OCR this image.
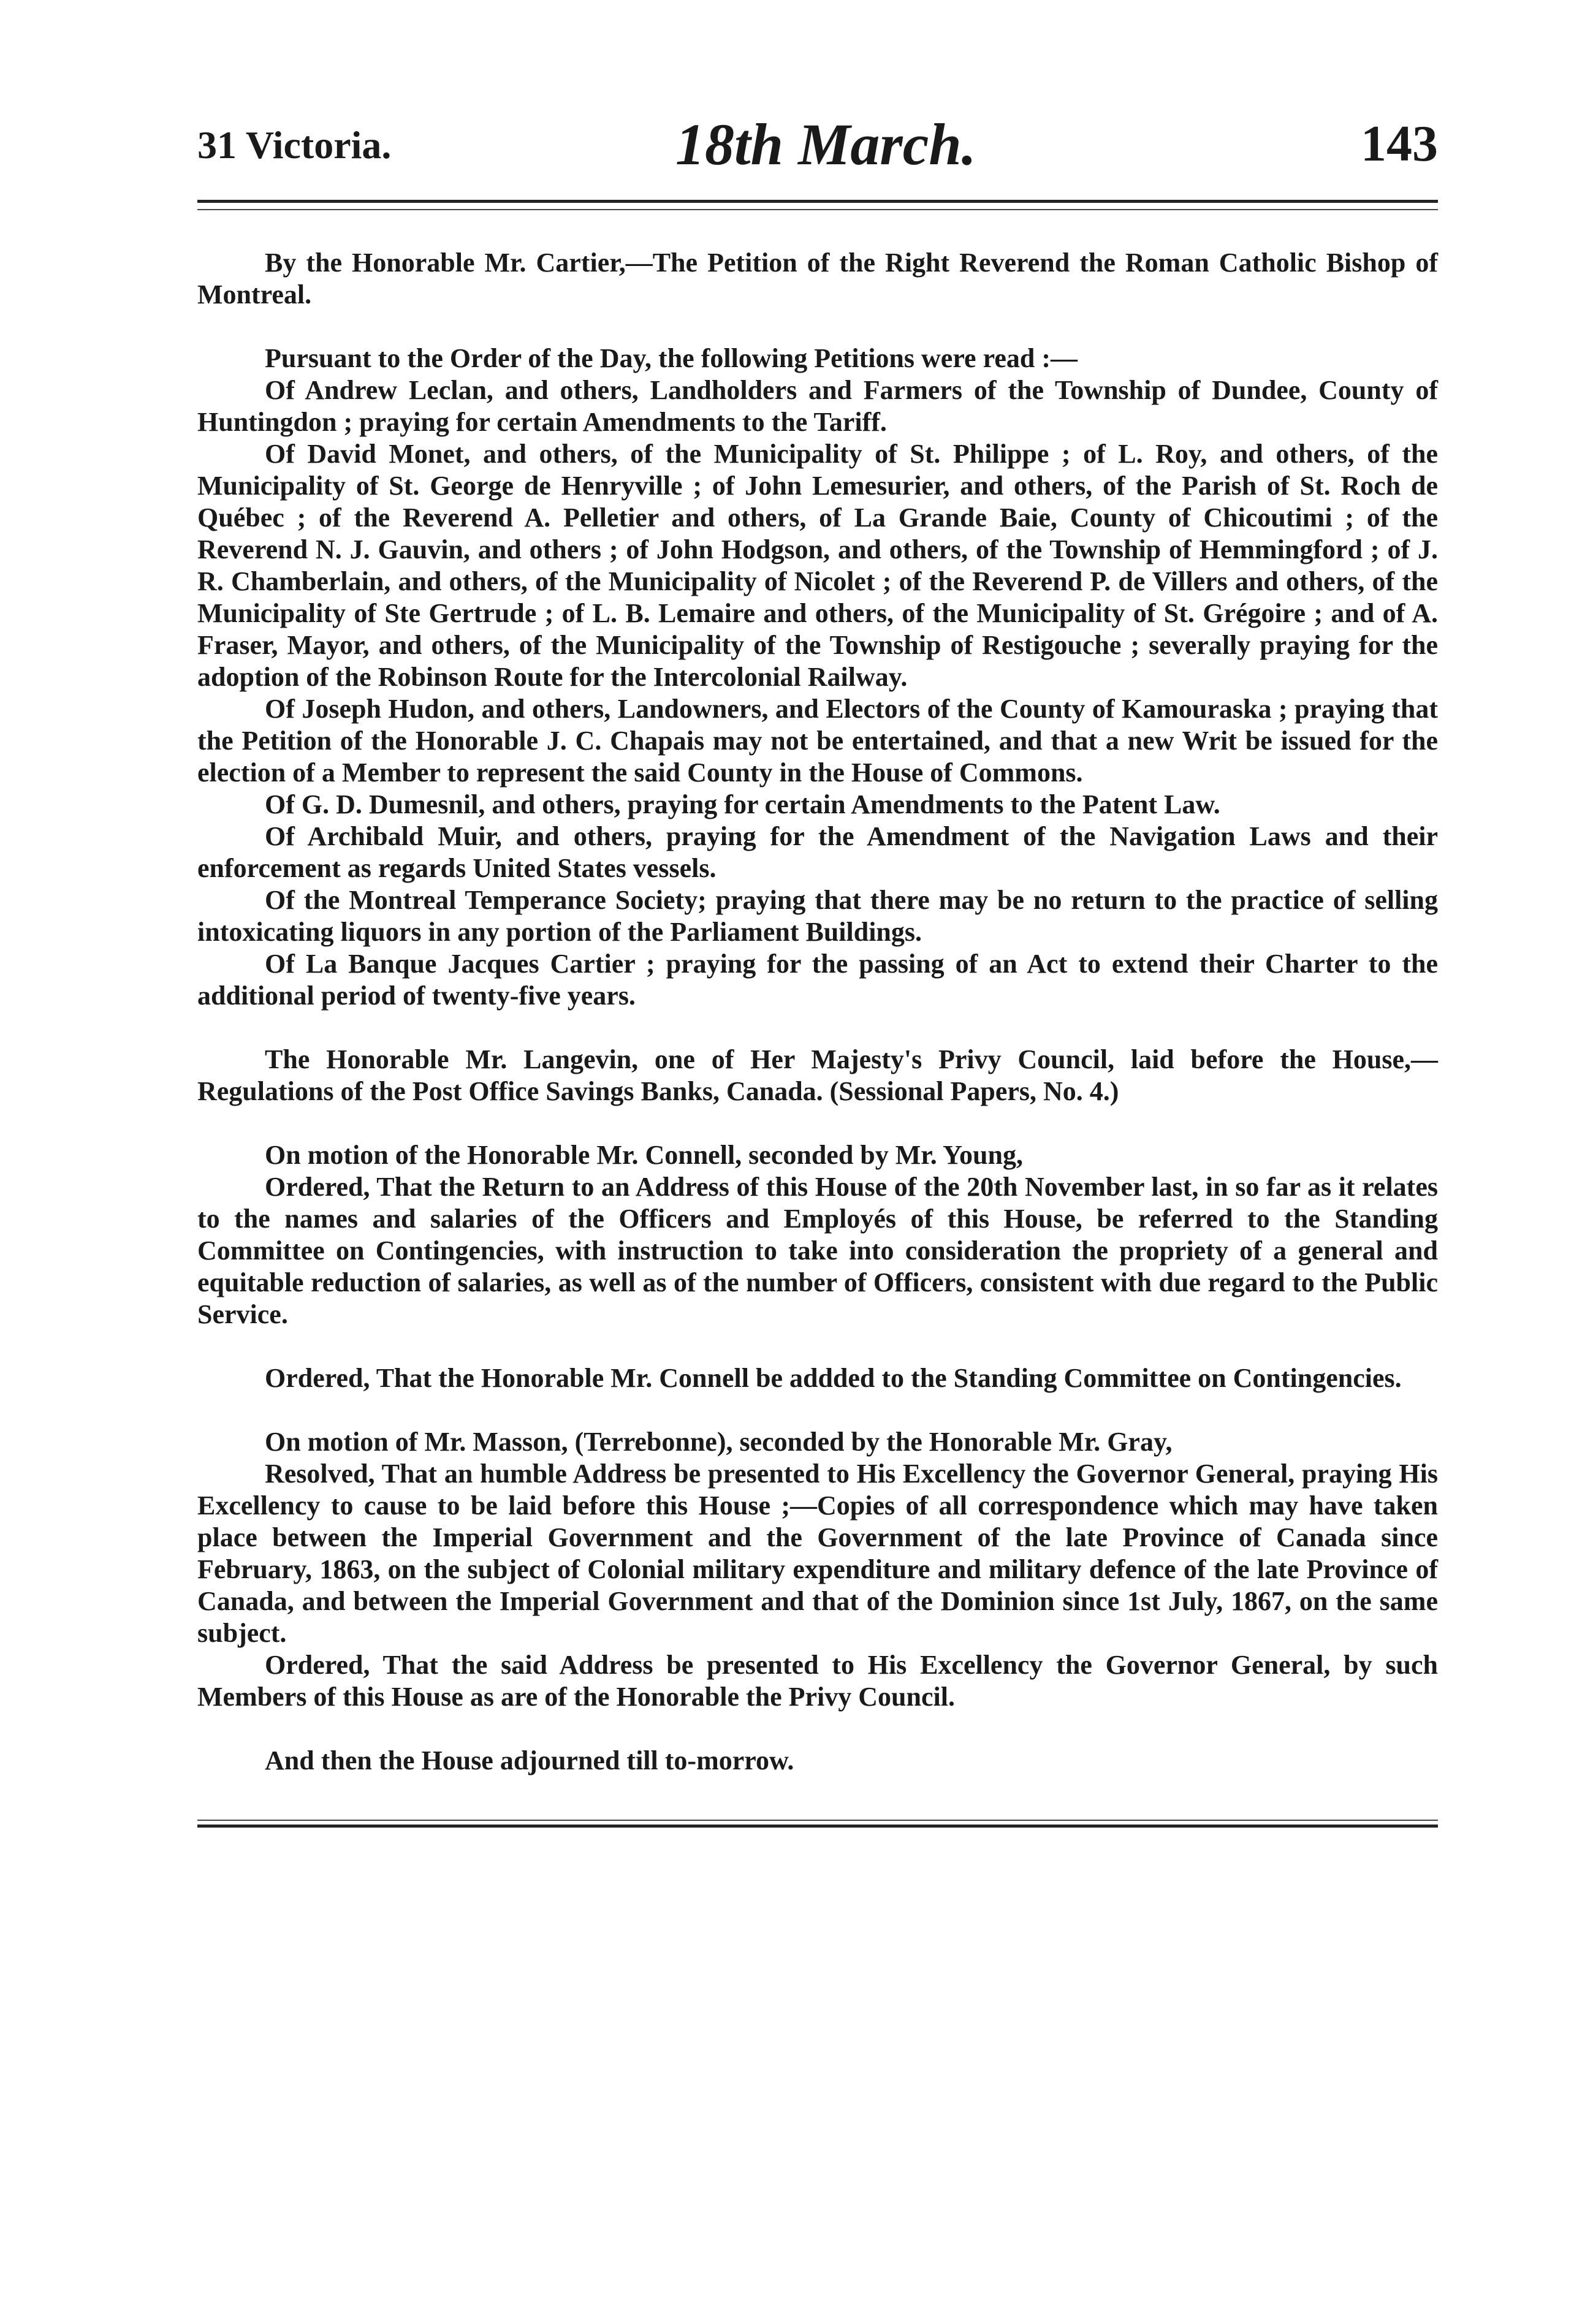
31 Victoria.	18th March.	143

By the Honorable Mr. Cartier,—The Petition of the Right Reverend the Roman Catholic Bishop of Montreal.

Pursuant to the Order of the Day, the following Petitions were read :—

Of Andrew Leclan, and others, Landholders and Farmers of the Township of Dundee, County of Huntingdon ; praying for certain Amendments to the Tariff.

Of David Monet, and others, of the Municipality of St. Philippe ; of L. Roy, and others, of the Municipality of St. George de Henryville ; of John Lemesurier, and others, of the Parish of St. Roch de Québec ; of the Reverend A. Pelletier and others, of La Grande Baie, County of Chicoutimi ; of the Reverend N. J. Gauvin, and others ; of John Hodgson, and others, of the Township of Hemmingford ; of J. R. Chamberlain, and others, of the Municipality of Nicolet ; of the Reverend P. de Villers and others, of the Municipality of Ste Gertrude ; of L. B. Lemaire and others, of the Municipality of St. Grégoire ; and of A. Fraser, Mayor, and others, of the Municipality of the Township of Restigouche ; severally praying for the adoption of the Robinson Route for the Intercolonial Railway.

Of Joseph Hudon, and others, Landowners, and Electors of the County of Kamouraska ; praying that the Petition of the Honorable J. C. Chapais may not be entertained, and that a new Writ be issued for the election of a Member to represent the said County in the House of Commons.

Of G. D. Dumesnil, and others, praying for certain Amendments to the Patent Law.

Of Archibald Muir, and others, praying for the Amendment of the Navigation Laws and their enforcement as regards United States vessels.

Of the Montreal Temperance Society; praying that there may be no return to the practice of selling intoxicating liquors in any portion of the Parliament Buildings.

Of La Banque Jacques Cartier ; praying for the passing of an Act to extend their Charter to the additional period of twenty-five years.

The Honorable Mr. Langevin, one of Her Majesty's Privy Council, laid before the House,—Regulations of the Post Office Savings Banks, Canada. (Sessional Papers, No. 4.)

On motion of the Honorable Mr. Connell, seconded by Mr. Young,

Ordered, That the Return to an Address of this House of the 20th November last, in so far as it relates to the names and salaries of the Officers and Employés of this House, be referred to the Standing Committee on Contingencies, with instruction to take into consideration the propriety of a general and equitable reduction of salaries, as well as of the number of Officers, consistent with due regard to the Public Service.

Ordered, That the Honorable Mr. Connell be addded to the Standing Committee on Contingencies.

On motion of Mr. Masson, (Terrebonne), seconded by the Honorable Mr. Gray,

Resolved, That an humble Address be presented to His Excellency the Governor General, praying His Excellency to cause to be laid before this House ;—Copies of all correspondence which may have taken place between the Imperial Government and the Government of the late Province of Canada since February, 1863, on the subject of Colonial military expenditure and military defence of the late Province of Canada, and between the Imperial Government and that of the Dominion since 1st July, 1867, on the same subject.

Ordered, That the said Address be presented to His Excellency the Governor General, by such Members of this House as are of the Honorable the Privy Council.

And then the House adjourned till to-morrow.
